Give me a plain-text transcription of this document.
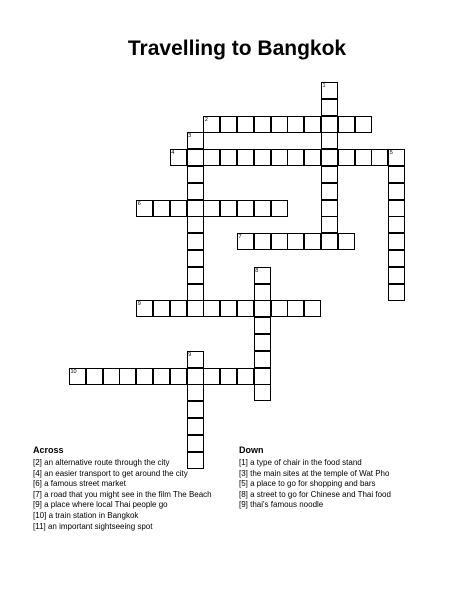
Travelling to Bangkok
1
2
3
4	5
6
7
8
9
9
10
Across
[2] an alternative route through the city
[4] an easier transport to get around the city
[6] a famous street market
[7] a road that you might see in the film The Beach
[9] a place where local Thai people go
[10] a train station in Bangkok
[11] an important sightseeing spot
Down
[1] a type of chair in the food stand
[3] the main sites at the temple of Wat Pho
[5] a place to go for shopping and bars
[8] a street to go for Chinese and Thai food
[9] thai's famous noodle
